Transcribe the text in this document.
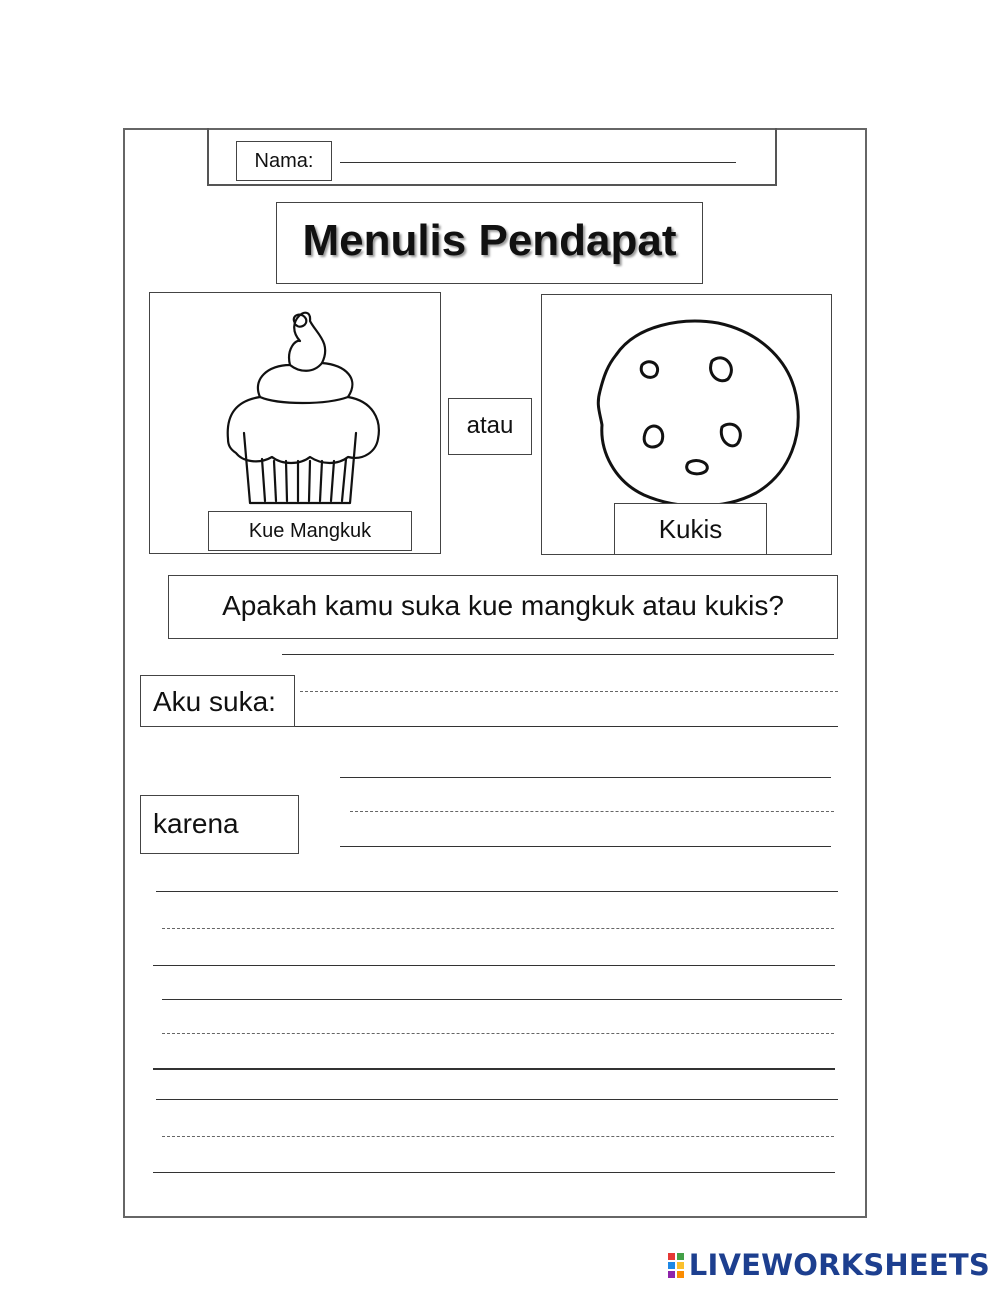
Nama:
Menulis Pendapat
Kue Mangkuk
atau
Kukis
Apakah kamu suka kue mangkuk atau kukis?
Aku suka:
karena
LIVEWORKSHEETS
